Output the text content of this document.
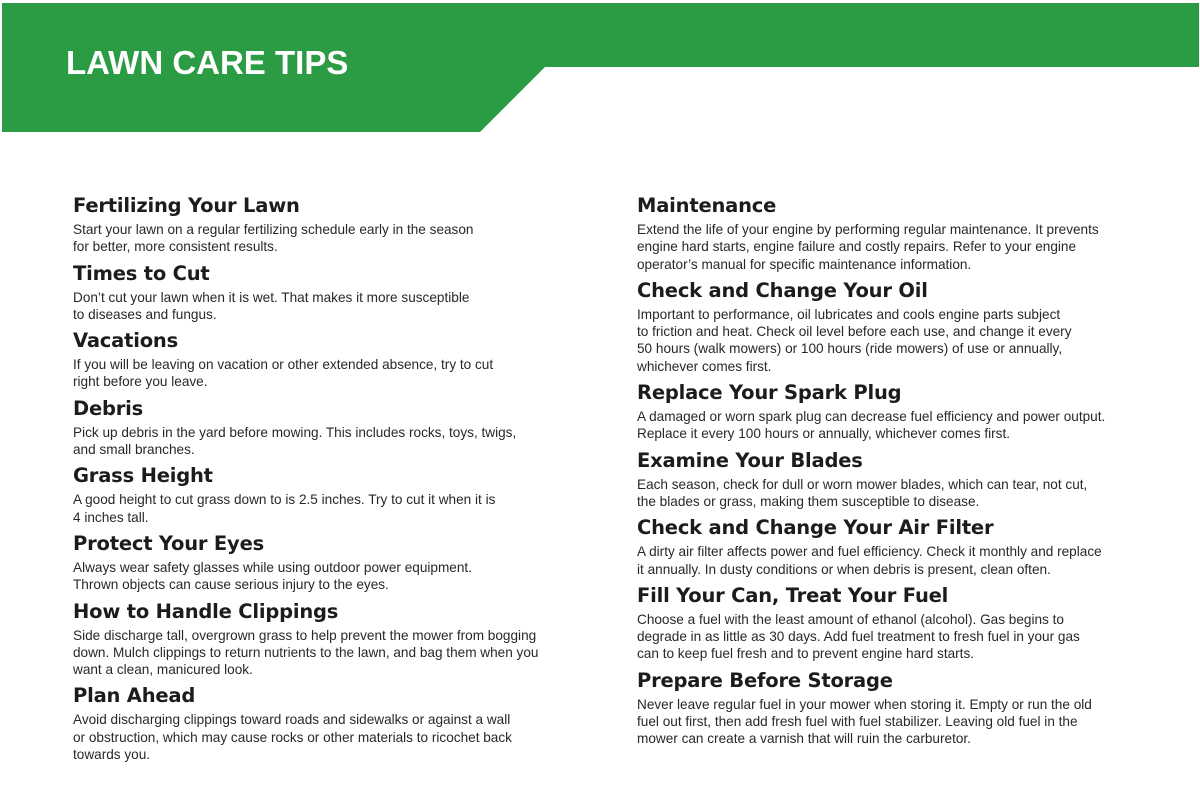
LAWN CARE TIPS
Fertilizing Your Lawn

Start your lawn on a regular fertilizing schedule early in the season
for better, more consistent results.

Times to Cut

Don’t cut your lawn when it is wet. That makes it more susceptible
to diseases and fungus.

Vacations

If you will be leaving on vacation or other extended absence, try to cut
right before you leave.

Debris

Pick up debris in the yard before mowing. This includes rocks, toys, twigs,
and small branches.

Grass Height

A good height to cut grass down to is 2.5 inches. Try to cut it when it is
4 inches tall.

Protect Your Eyes

Always wear safety glasses while using outdoor power equipment.
Thrown objects can cause serious injury to the eyes.

How to Handle Clippings

Side discharge tall, overgrown grass to help prevent the mower from bogging
down. Mulch clippings to return nutrients to the lawn, and bag them when you
want a clean, manicured look.

Plan Ahead

Avoid discharging clippings toward roads and sidewalks or against a wall
or obstruction, which may cause rocks or other materials to ricochet back
towards you.

Maintenance

Extend the life of your engine by performing regular maintenance. It prevents
engine hard starts, engine failure and costly repairs. Refer to your engine
operator’s manual for specific maintenance information.

Check and Change Your Oil

Important to performance, oil lubricates and cools engine parts subject
to friction and heat. Check oil level before each use, and change it every
50 hours (walk mowers) or 100 hours (ride mowers) of use or annually,
whichever comes first.

Replace Your Spark Plug

A damaged or worn spark plug can decrease fuel efficiency and power output.
Replace it every 100 hours or annually, whichever comes first.

Examine Your Blades

Each season, check for dull or worn mower blades, which can tear, not cut,
the blades or grass, making them susceptible to disease.

Check and Change Your Air Filter

A dirty air filter affects power and fuel efficiency. Check it monthly and replace
it annually. In dusty conditions or when debris is present, clean often.

Fill Your Can, Treat Your Fuel

Choose a fuel with the least amount of ethanol (alcohol). Gas begins to
degrade in as little as 30 days. Add fuel treatment to fresh fuel in your gas
can to keep fuel fresh and to prevent engine hard starts.

Prepare Before Storage

Never leave regular fuel in your mower when storing it. Empty or run the old
fuel out first, then add fresh fuel with fuel stabilizer. Leaving old fuel in the
mower can create a varnish that will ruin the carburetor.
